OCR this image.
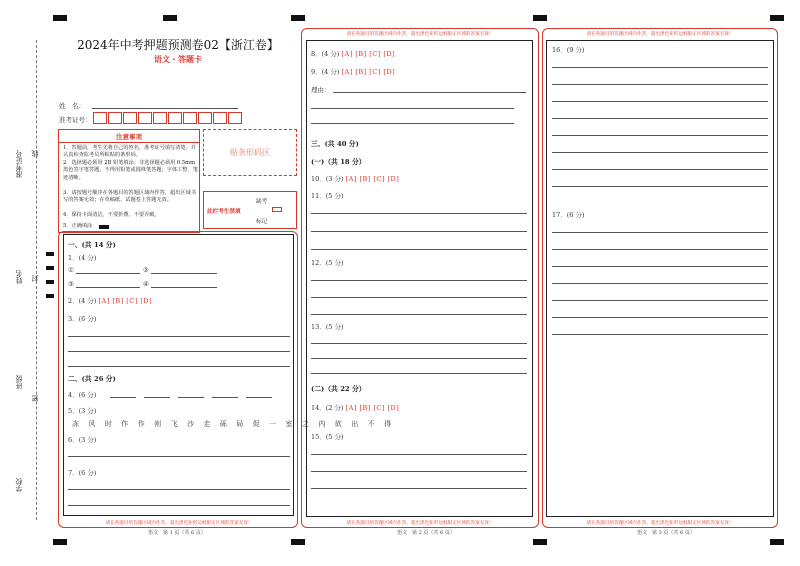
准考证号 线
姓名 封
班级
密
学校
2024年中考押题预测卷02【浙江卷】
语文・答题卡
姓　名：
准考证号：
注意事项
1．答题前，考生先将自己的姓名，准考证号填写清楚，并认真检查监考员所粘贴的条形码。
2．选择题必须用 2B 铅笔填涂；非选择题必须用 0.5mm 黑色签字笔答题，不得用铅笔或圆珠笔答题；字体工整、笔迹清晰。
3．请按题号顺序在各题目的答题区域内作答，超出区域书写的答案无效；在草稿纸、试题卷上答题无效。
4．保持卡面清洁，不要折叠、不要弄破。
5．正确填涂
贴条形码区
此栏考生禁填
缺考
标记
一、(共 14 分)
1．(4 分)
①	②
③	④
2．(4 分) [A] [B] [C] [D]
3．(6 分)
二、(共 26 分)
4．(6 分)
5．(3 分)
冻 风 时 作 作 则 飞 沙 走 砾 局 促 一 室 之 内 欲 出 不 得
6．(3 分)
7．(6 分)
请在各题目的答题区域内作答，超出黑色矩形边框限定区域的答案无效！
语文　第 1 页（共 6 页）
请在各题目的答题区域内作答，超出黑色矩形边框限定区域的答案无效！
8．(4 分) [A] [B] [C] [D]
9．(4 分) [A] [B] [C] [D]
理由：
三、(共 40 分)
(一)（共 18 分）
10．(3 分) [A] [B] [C] [D]
11．(5 分)
12．(5 分)
13．(5 分)
(二)（共 22 分）
14．(2 分) [A] [B] [C] [D]
15．(5 分)
请在各题目的答题区域内作答，超出黑色矩形边框限定区域的答案无效！
语文　第 2 页（共 6 页）
请在各题目的答题区域内作答，超出黑色矩形边框限定区域的答案无效！
16．(9 分)
17．(6 分)
请在各题目的答题区域内作答，超出黑色矩形边框限定区域的答案无效！
语文　第 3 页（共 6 页）
